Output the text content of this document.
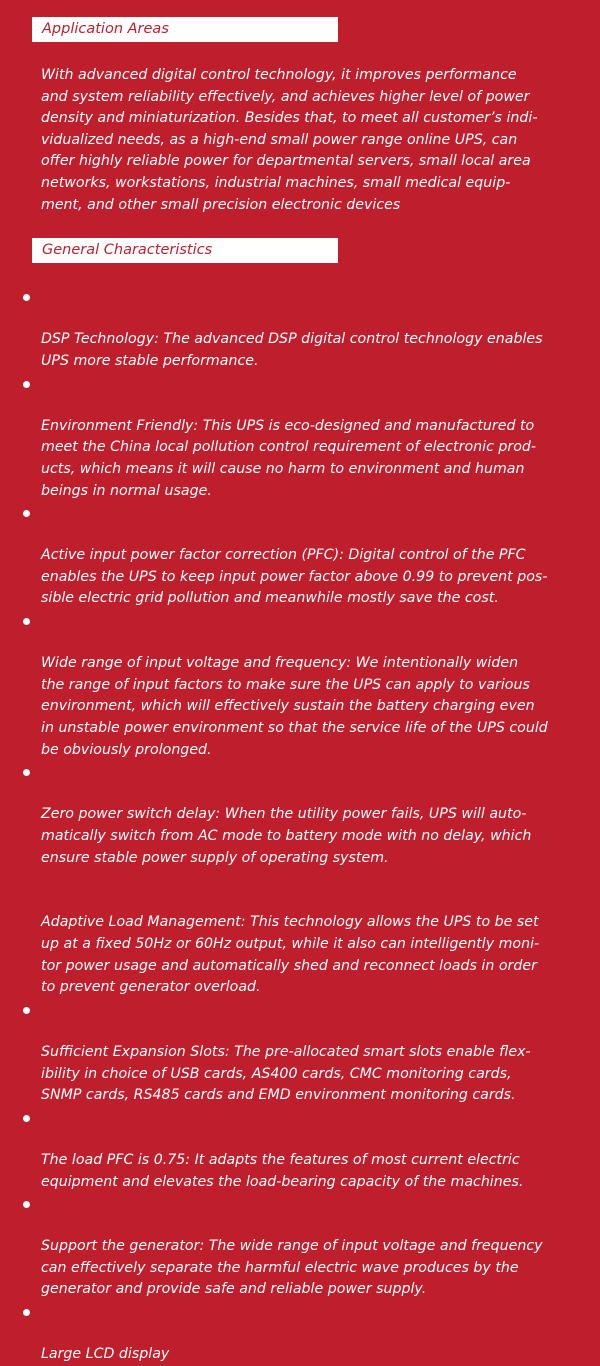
Application Areas
With advanced digital control technology, it improves performance
and system reliability effectively, and achieves higher level of power
density and miniaturization. Besides that, to meet all customer’s indi-
vidualized needs, as a high-end small power range online UPS, can
offer highly reliable power for departmental servers, small local area
networks, workstations, industrial machines, small medical equip-
ment, and other small precision electronic devices
General Characteristics

DSP Technology: The advanced DSP digital control technology enables
UPS more stable performance.

Environment Friendly: This UPS is eco-designed and manufactured to
meet the China local pollution control requirement of electronic prod-
ucts, which means it will cause no harm to environment and human
beings in normal usage.

Active input power factor correction (PFC): Digital control of the PFC
enables the UPS to keep input power factor above 0.99 to prevent pos-
sible electric grid pollution and meanwhile mostly save the cost.

Wide range of input voltage and frequency: We intentionally widen
the range of input factors to make sure the UPS can apply to various
environment, which will effectively sustain the battery charging even
in unstable power environment so that the service life of the UPS could
be obviously prolonged.

Zero power switch delay: When the utility power fails, UPS will auto-
matically switch from AC mode to battery mode with no delay, which
ensure stable power supply of operating system.

Adaptive Load Management: This technology allows the UPS to be set
up at a fixed 50Hz or 60Hz output, while it also can intelligently moni-
tor power usage and automatically shed and reconnect loads in order
to prevent generator overload.

Sufficient Expansion Slots: The pre-allocated smart slots enable flex-
ibility in choice of USB cards, AS400 cards, CMC monitoring cards,
SNMP cards, RS485 cards and EMD environment monitoring cards.

The load PFC is 0.75: It adapts the features of most current electric
equipment and elevates the load-bearing capacity of the machines.

Support the generator: The wide range of input voltage and frequency
can effectively separate the harmful electric wave produces by the
generator and provide safe and reliable power supply.

Large LCD display
